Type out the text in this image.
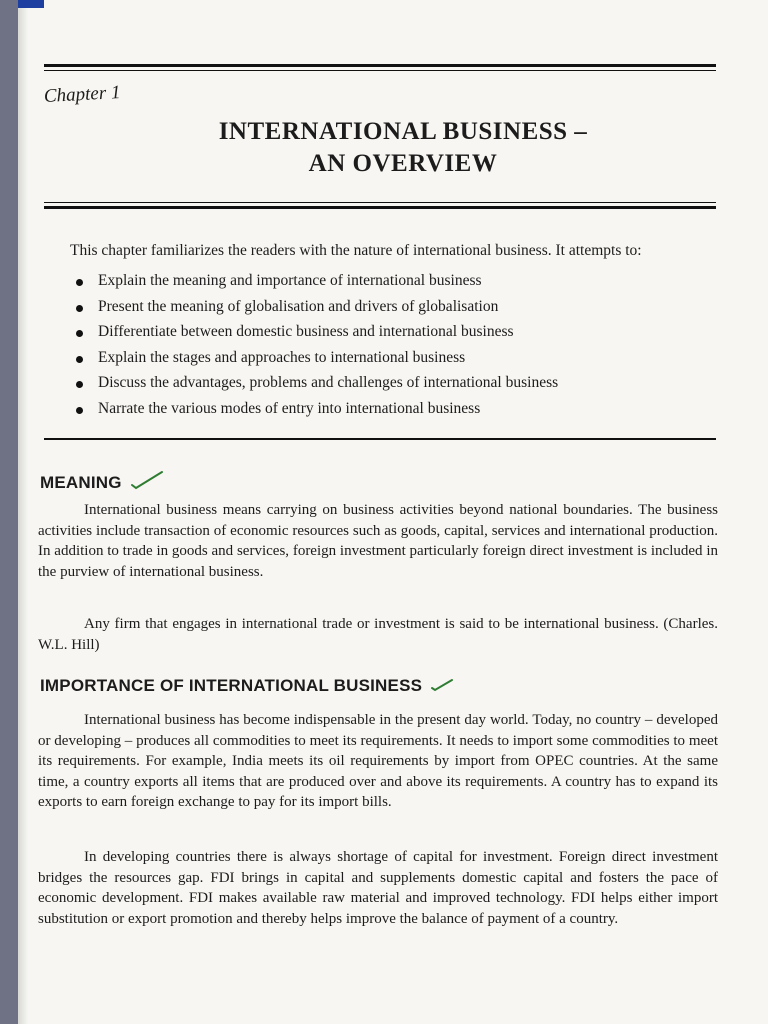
Chapter 1
INTERNATIONAL BUSINESS –
AN OVERVIEW
This chapter familiarizes the readers with the nature of international business. It attempts to:
Explain the meaning and importance of international business
Present the meaning of globalisation and drivers of globalisation
Differentiate between domestic business and international business
Explain the stages and approaches to international business
Discuss the advantages, problems and challenges of international business
Narrate the various modes of entry into international business
MEANING

International business means carrying on business activities beyond national boundaries. The business activities include transaction of economic resources such as goods, capital, services and international production. In addition to trade in goods and services, foreign investment particularly foreign direct investment is included in the purview of international business.

Any firm that engages in international trade or investment is said to be international business. (Charles. W.L. Hill)

IMPORTANCE OF INTERNATIONAL BUSINESS

International business has become indispensable in the present day world. Today, no country – developed or developing – produces all commodities to meet its requirements. It needs to import some commodities to meet its requirements. For example, India meets its oil requirements by import from OPEC countries. At the same time, a country exports all items that are produced over and above its requirements. A country has to expand its exports to earn foreign exchange to pay for its import bills.

In developing countries there is always shortage of capital for investment. Foreign direct investment bridges the resources gap. FDI brings in capital and supplements domestic capital and fosters the pace of economic development. FDI makes available raw material and improved technology. FDI helps either import substitution or export promotion and thereby helps improve the balance of payment of a country.
